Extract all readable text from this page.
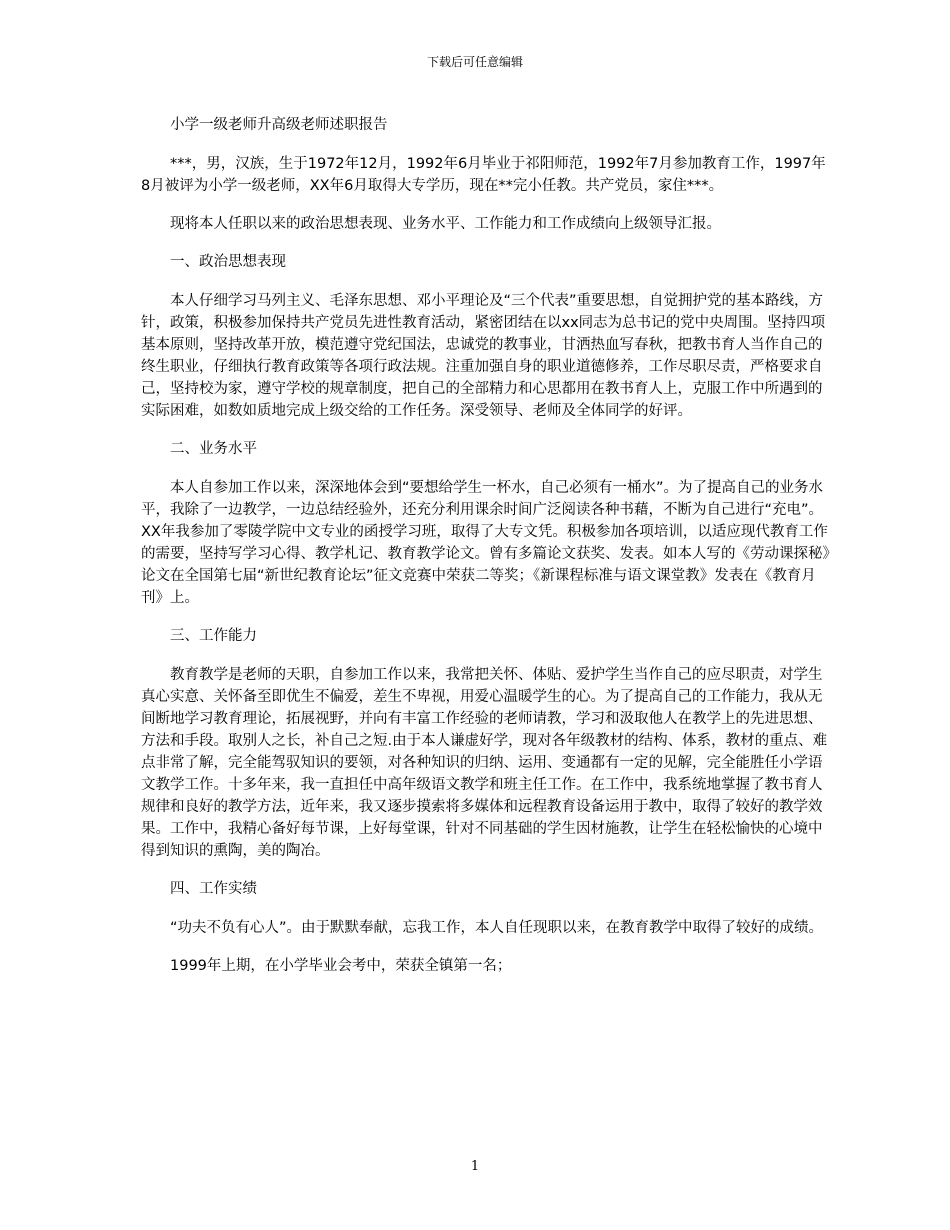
下载后可任意编辑

小学一级老师升高级老师述职报告

***，男，汉族，生于1972年12月，1992年6月毕业于祁阳师范，1992年7月参加教育工作，1997年8月被评为小学一级老师，XX年6月取得大专学历，现在**完小任教。共产党员，家住***。

现将本人任职以来的政治思想表现、业务水平、工作能力和工作成绩向上级领导汇报。

一、政治思想表现

本人仔细学习马列主义、毛泽东思想、邓小平理论及“三个代表”重要思想，自觉拥护党的基本路线，方针，政策，积极参加保持共产党员先进性教育活动，紧密团结在以xx同志为总书记的党中央周围。坚持四项基本原则，坚持改革开放，模范遵守党纪国法，忠诚党的教事业，甘洒热血写春秋，把教书育人当作自己的终生职业，仔细执行教育政策等各项行政法规。注重加强自身的职业道德修养，工作尽职尽责，严格要求自己，坚持校为家，遵守学校的规章制度，把自己的全部精力和心思都用在教书育人上，克服工作中所遇到的实际困难，如数如质地完成上级交给的工作任务。深受领导、老师及全体同学的好评。

二、业务水平

本人自参加工作以来，深深地体会到“要想给学生一杯水，自己必须有一桶水”。为了提高自己的业务水平，我除了一边教学，一边总结经验外，还充分利用课余时间广泛阅读各种书藉，不断为自己进行“充电”。XX年我参加了零陵学院中文专业的函授学习班，取得了大专文凭。积极参加各项培训，以适应现代教育工作的需要，坚持写学习心得、教学札记、教育教学论文。曾有多篇论文获奖、发表。如本人写的《劳动课探秘》论文在全国第七届“新世纪教育论坛”征文竞赛中荣获二等奖；《新课程标准与语文课堂教》发表在《教育月刊》上。

三、工作能力

教育教学是老师的天职，自参加工作以来，我常把关怀、体贴、爱护学生当作自己的应尽职责，对学生真心实意、关怀备至即优生不偏爱，差生不卑视，用爱心温暖学生的心。为了提高自己的工作能力，我从无间断地学习教育理论，拓展视野，并向有丰富工作经验的老师请教，学习和汲取他人在教学上的先进思想、方法和手段。取别人之长，补自己之短.由于本人谦虚好学，现对各年级教材的结构、体系，教材的重点、难点非常了解，完全能驾驭知识的要领，对各种知识的归纳、运用、变通都有一定的见解，完全能胜任小学语文教学工作。十多年来，我一直担任中高年级语文教学和班主任工作。在工作中，我系统地掌握了教书育人规律和良好的教学方法，近年来，我又逐步摸索将多媒体和远程教育设备运用于教中，取得了较好的教学效果。工作中，我精心备好每节课，上好每堂课，针对不同基础的学生因材施教，让学生在轻松愉快的心境中得到知识的熏陶，美的陶冶。

四、工作实绩

“功夫不负有心人”。由于默默奉献，忘我工作，本人自任现职以来，在教育教学中取得了较好的成绩。

1999年上期，在小学毕业会考中，荣获全镇第一名；

1
